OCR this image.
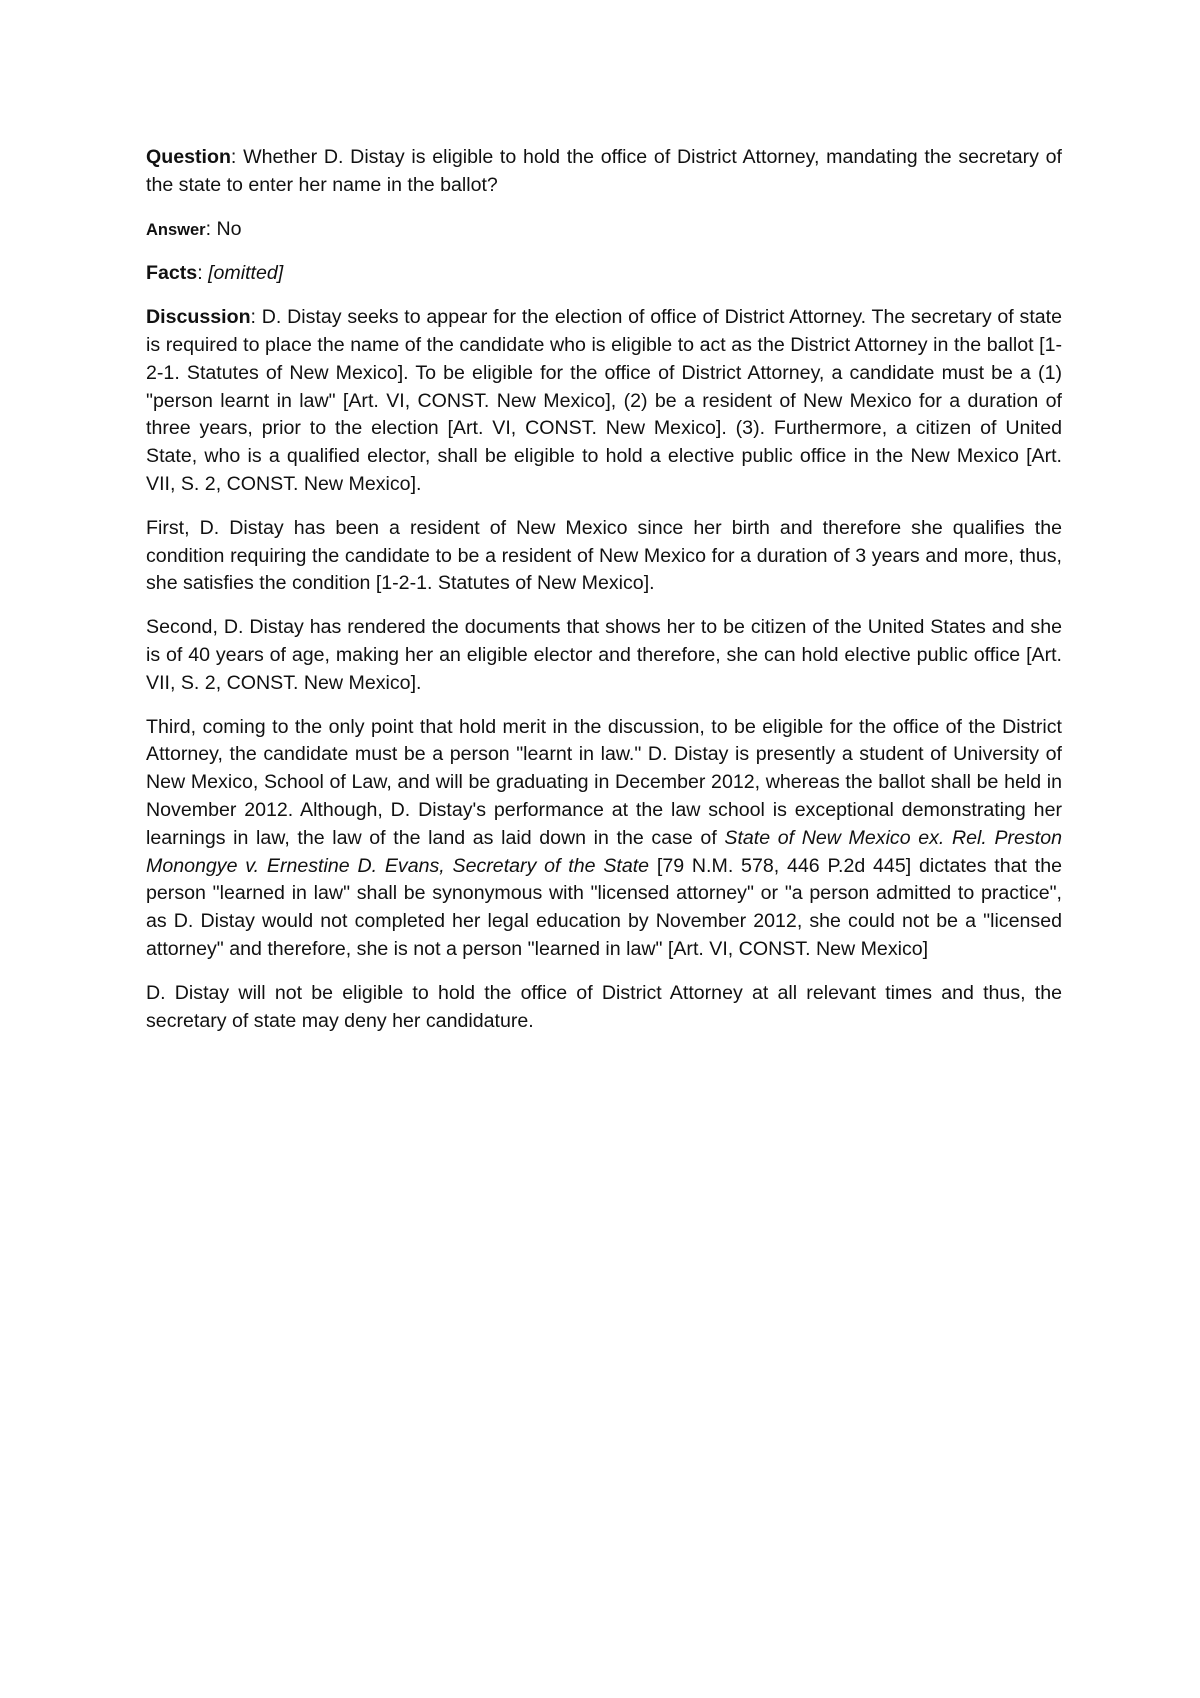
Question: Whether D. Distay is eligible to hold the office of District Attorney, mandating the secretary of the state to enter her name in the ballot?

Answer: No

Facts: [omitted]

Discussion: D. Distay seeks to appear for the election of office of District Attorney. The secretary of state is required to place the name of the candidate who is eligible to act as the District Attorney in the ballot [1-2-1. Statutes of New Mexico]. To be eligible for the office of District Attorney, a candidate must be a (1) "person learnt in law" [Art. VI, CONST. New Mexico], (2) be a resident of New Mexico for a duration of three years, prior to the election [Art. VI, CONST. New Mexico]. (3). Furthermore, a citizen of United State, who is a qualified elector, shall be eligible to hold a elective public office in the New Mexico [Art. VII, S. 2, CONST. New Mexico].

First, D. Distay has been a resident of New Mexico since her birth and therefore she qualifies the condition requiring the candidate to be a resident of New Mexico for a duration of 3 years and more, thus, she satisfies the condition [1-2-1. Statutes of New Mexico].

Second, D. Distay has rendered the documents that shows her to be citizen of the United States and she is of 40 years of age, making her an eligible elector and therefore, she can hold elective public office [Art. VII, S. 2, CONST. New Mexico].

Third, coming to the only point that hold merit in the discussion, to be eligible for the office of the District Attorney, the candidate must be a person "learnt in law." D. Distay is presently a student of University of New Mexico, School of Law, and will be graduating in December 2012, whereas the ballot shall be held in November 2012. Although, D. Distay's performance at the law school is exceptional demonstrating her learnings in law, the law of the land as laid down in the case of State of New Mexico ex. Rel. Preston Monongye v. Ernestine D. Evans, Secretary of the State [79 N.M. 578, 446 P.2d 445] dictates that the person "learned in law" shall be synonymous with "licensed attorney" or "a person admitted to practice", as D. Distay would not completed her legal education by November 2012, she could not be a "licensed attorney" and therefore, she is not a person "learned in law" [Art. VI, CONST. New Mexico]

D. Distay will not be eligible to hold the office of District Attorney at all relevant times and thus, the secretary of state may deny her candidature.
